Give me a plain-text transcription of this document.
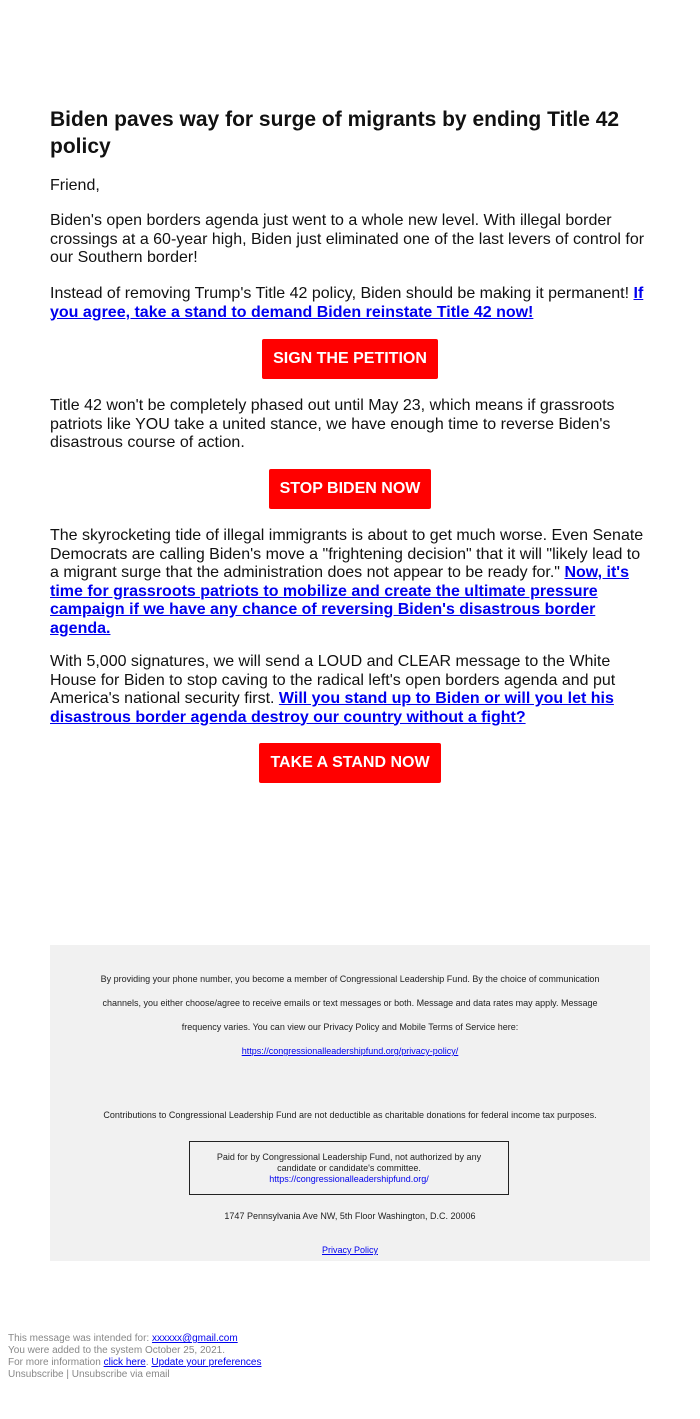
Biden paves way for surge of migrants by ending Title 42 policy

Friend,

Biden's open borders agenda just went to a whole new level. With illegal border crossings at a 60-year high, Biden just eliminated one of the last levers of control for our Southern border!

Instead of removing Trump's Title 42 policy, Biden should be making it permanent! If you agree, take a stand to demand Biden reinstate Title 42 now!

SIGN THE PETITION

Title 42 won't be completely phased out until May 23, which means if grassroots patriots like YOU take a united stance, we have enough time to reverse Biden's disastrous course of action.

STOP BIDEN NOW

The skyrocketing tide of illegal immigrants is about to get much worse. Even Senate Democrats are calling Biden's move a "frightening decision" that it will "likely lead to a migrant surge that the administration does not appear to be ready for." Now, it's time for grassroots patriots to mobilize and create the ultimate pressure campaign if we have any chance of reversing Biden's disastrous border agenda.

With 5,000 signatures, we will send a LOUD and CLEAR message to the White House for Biden to stop caving to the radical left's open borders agenda and put America's national security first. Will you stand up to Biden or will you let his disastrous border agenda destroy our country without a fight?

TAKE A STAND NOW
By providing your phone number, you become a member of Congressional Leadership Fund. By the choice of communication
channels, you either choose/agree to receive emails or text messages or both. Message and data rates may apply. Message
frequency varies. You can view our Privacy Policy and Mobile Terms of Service here:
https://congressionalleadershipfund.org/privacy-policy/
Contributions to Congressional Leadership Fund are not deductible as charitable donations for federal income tax purposes.
Paid for by Congressional Leadership Fund, not authorized by any
candidate or candidate's committee.
https://congressionalleadershipfund.org/
1747 Pennsylvania Ave NW, 5th Floor Washington, D.C. 20006
Privacy Policy
This message was intended for: xxxxxx@gmail.com
You were added to the system October 25, 2021.
For more information click here. Update your preferences
Unsubscribe | Unsubscribe via email
